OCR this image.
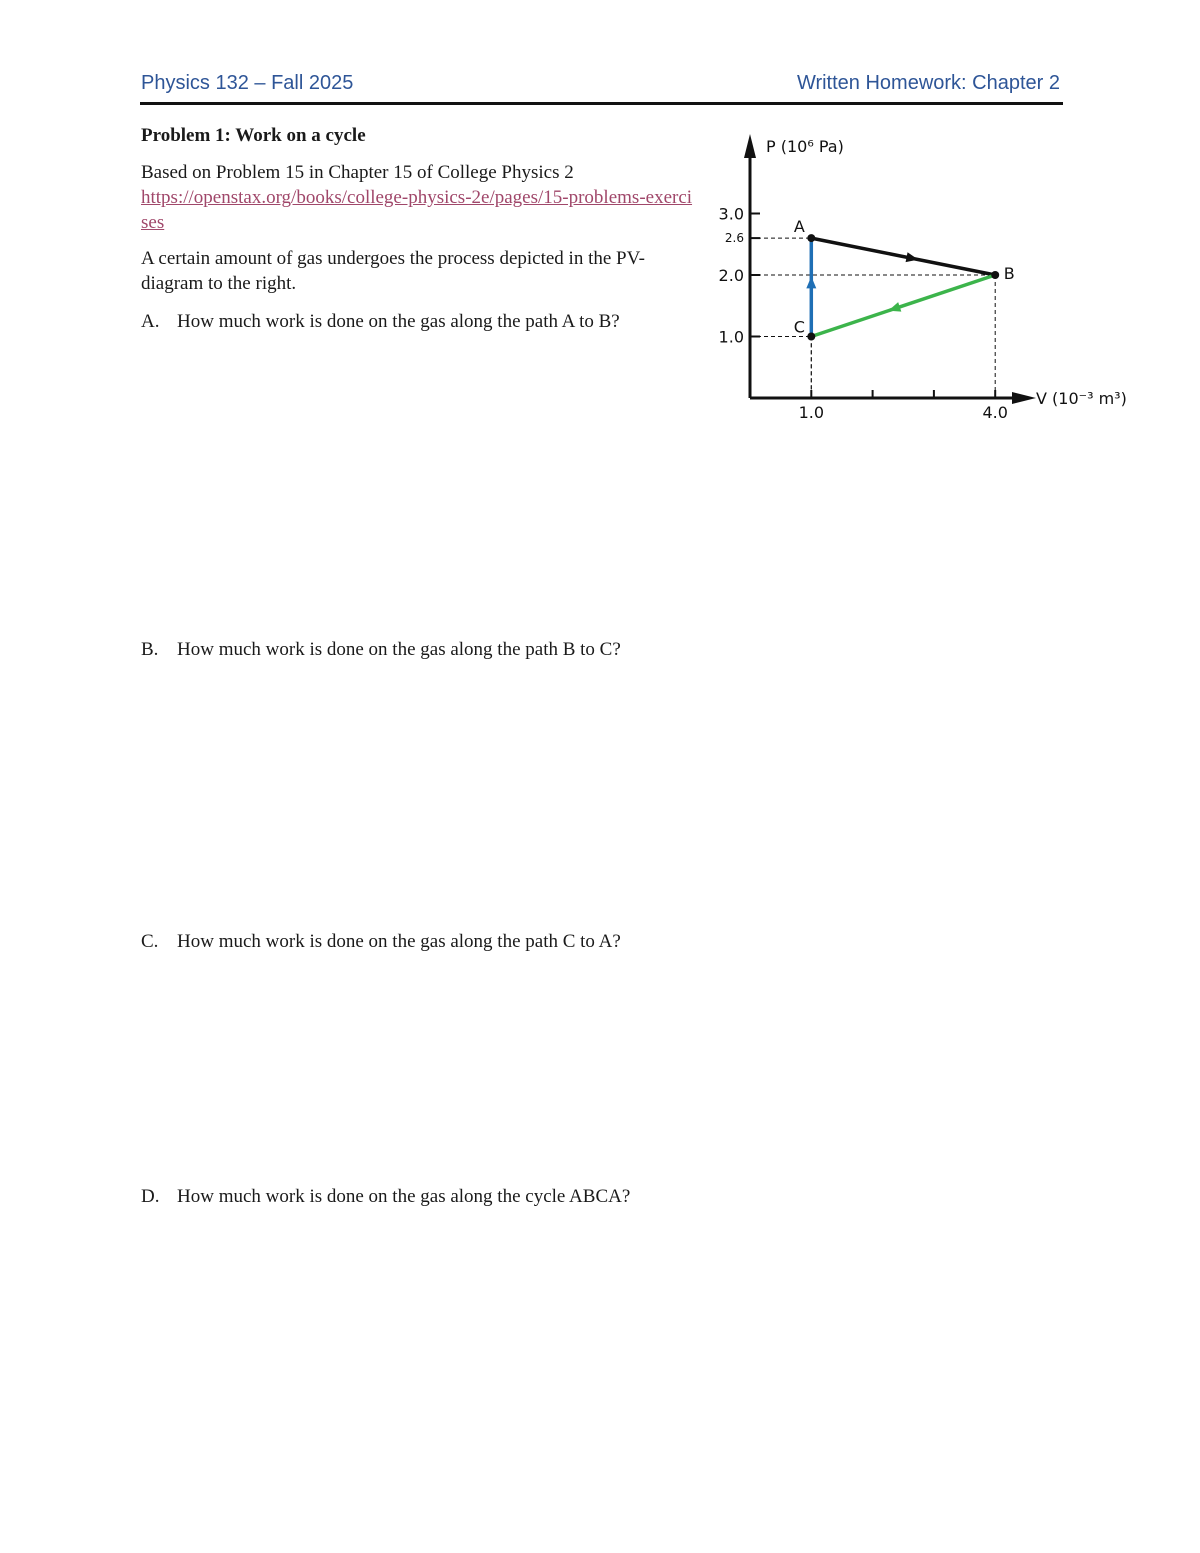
Physics 132 – Fall 2025	Written Homework: Chapter 2
Problem 1: Work on a cycle
Based on Problem 15 in Chapter 15 of College Physics 2
https://openstax.org/books/college-physics-2e/pages/15-problems-exercises
A certain amount of gas undergoes the process depicted in the PV-diagram to the right.
A. How much work is done on the gas along the path A to B?
B. How much work is done on the gas along the path B to C?
C. How much work is done on the gas along the path C to A?
D. How much work is done on the gas along the cycle ABCA?
P (10⁶ Pa)
V (10⁻³ m³)
1.0
2.0
2.6
3.0
1.0	4.0
A
B
C
